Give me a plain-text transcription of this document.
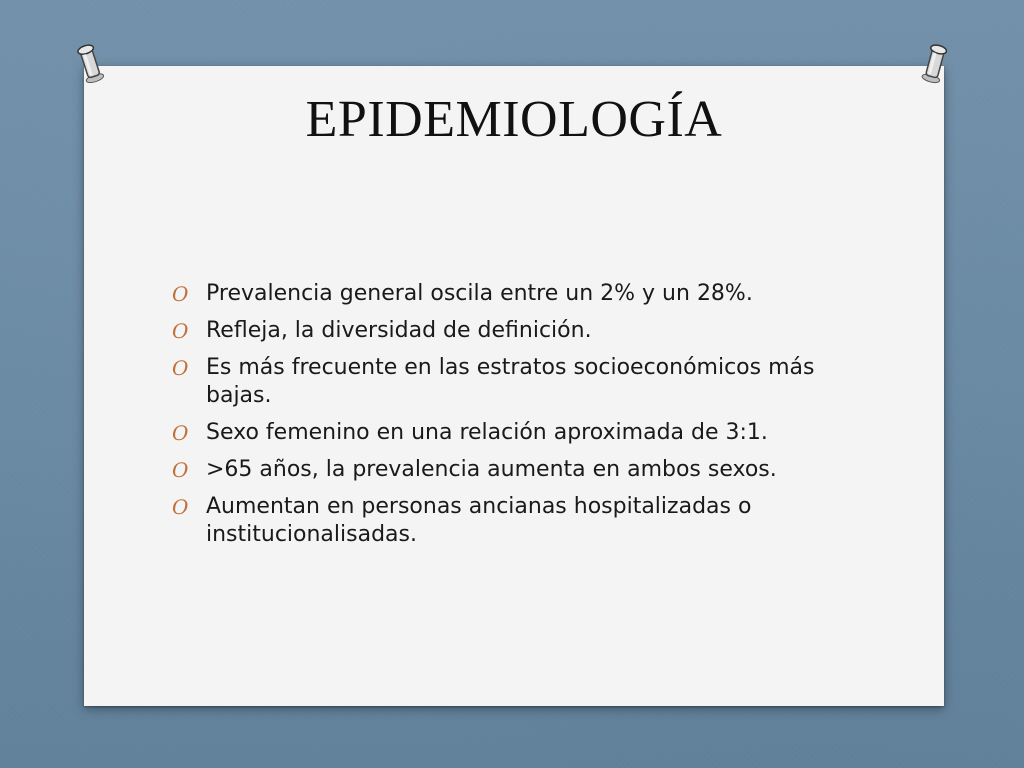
EPIDEMIOLOGÍA
O Prevalencia general oscila entre un 2% y un 28%.
O Refleja, la diversidad de definición.
O Es más frecuente en las estratos socioeconómicos más bajas.
O Sexo femenino en una relación aproximada de 3:1.
O >65 años, la prevalencia aumenta en ambos sexos.
O Aumentan en personas ancianas hospitalizadas o institucionalisadas.
